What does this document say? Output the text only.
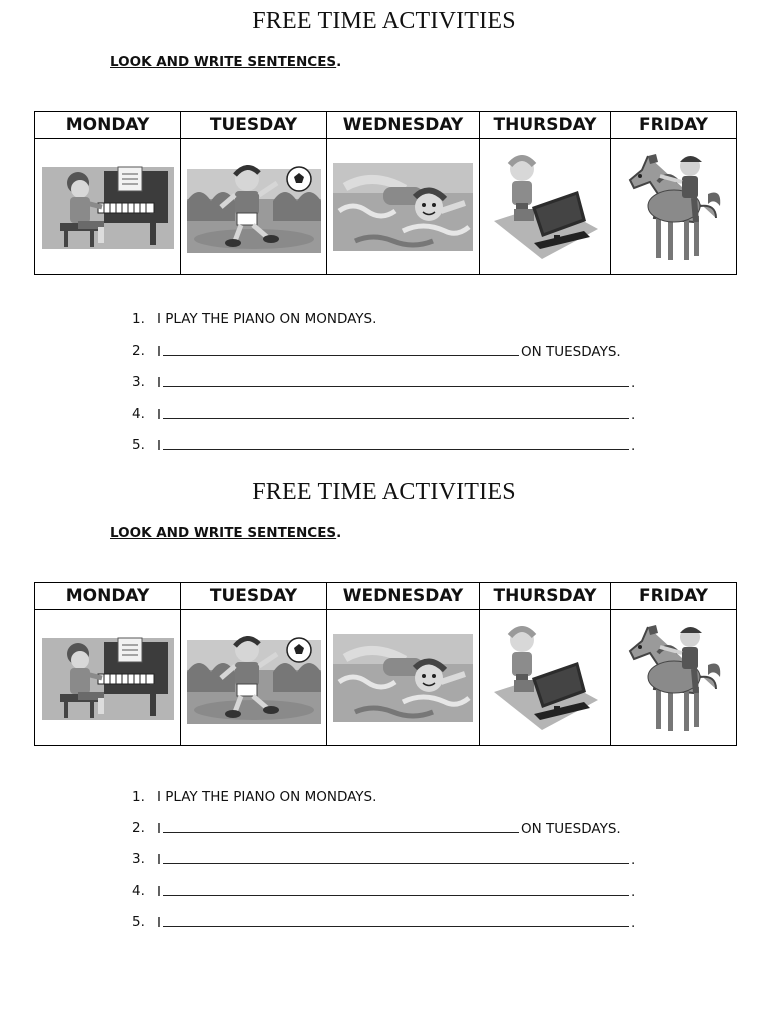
FREE TIME ACTIVITIES
LOOK AND WRITE SENTENCES.
MONDAY	TUESDAY	WEDNESDAY	THURSDAY	FRIDAY

1. I PLAY THE PIANO ON MONDAYS.
2. I	ON TUESDAYS.
3. I	.
4. I	.
5. I	.
FREE TIME ACTIVITIES
LOOK AND WRITE SENTENCES.
MONDAY	TUESDAY	WEDNESDAY	THURSDAY	FRIDAY

1. I PLAY THE PIANO ON MONDAYS.
2. I	ON TUESDAYS.
3. I	.
4. I	.
5. I	.
